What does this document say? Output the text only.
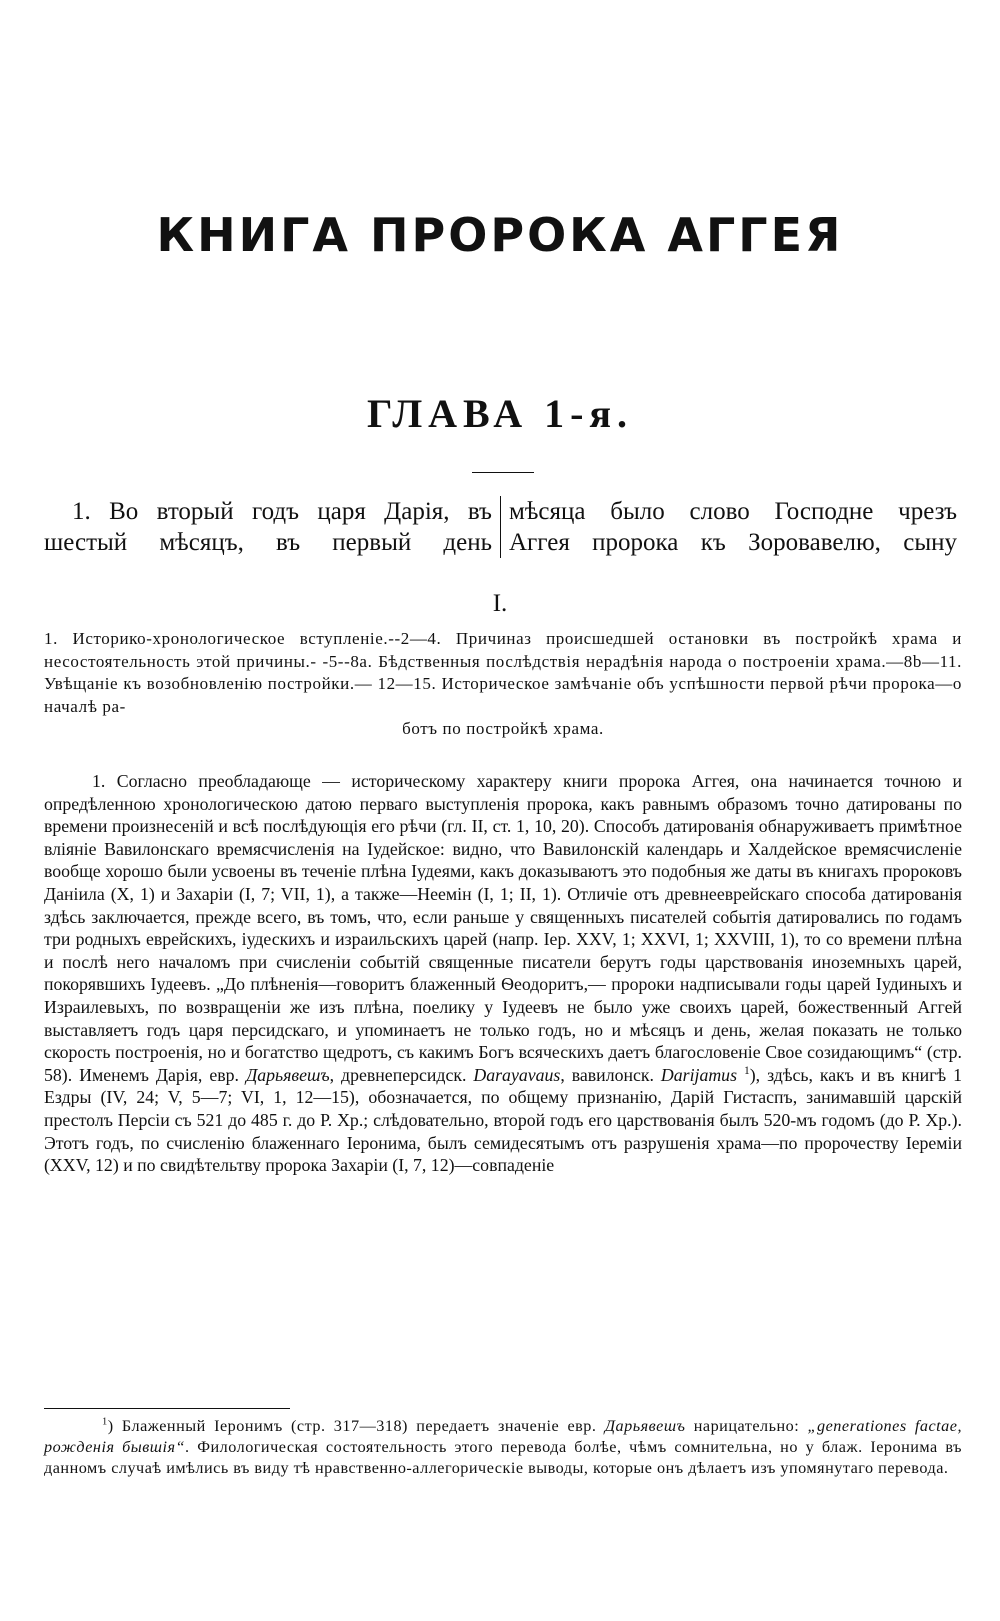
КНИГА ПРОРОКА АГГЕЯ
ГЛАВА 1-я.

1. Во вторый годъ царя Дарія, въ

шестый мѣсяцъ, въ первый день

мѣсяца было слово Господне чрезъ

Аггея пророка къ Зоровавелю, сыну

I.

1. Историко-хронологическое вступленіе.--2—4. Причиназ происшедшей остановки въ постройкѣ храма и несостоятельность этой причины.- -5--8а. Бѣдственныя послѣдствія нерадѣнія народа о построеніи храма.—8b—11. Увѣщаніе къ возобновленію постройки.— 12—15. Историческое замѣчаніе объ успѣшности первой рѣчи пророка—о началѣ ра-
ботъ по постройкѣ храма.

1. Согласно преобладающе — историческому характеру книги пророка Аггея, она начинается точною и опредѣленною хронологическою датою перваго выступленія пророка, какъ равнымъ образомъ точно датированы по времени произнесеній и всѣ послѣдующія его рѣчи (гл. II, ст. 1, 10, 20). Способъ датированія обнаруживаетъ примѣтное вліяніе Вавилонскаго времясчисленія на Іудейское: видно, что Вавилонскій календарь и Халдейское времясчисленіе вообще хорошо были усвоены въ теченіе плѣна Іудеями, какъ доказываютъ это подобныя же даты въ книгахъ пророковъ Даніила (X, 1) и Захаріи (I, 7; VII, 1), а также—Неемін (I, 1; II, 1). Отличіе отъ древнееврейскаго способа датированія здѣсь заключается, прежде всего, въ томъ, что, если раньше у священныхъ писателей событія датировались по годамъ три родныхъ еврейскихъ, іудескихъ и израильскихъ царей (напр. Іер. XXV, 1; XXVI, 1; XXVIII, 1), то со времени плѣна и послѣ него началомъ при счисленіи событій священные писатели берутъ годы царствованія иноземныхъ царей, покорявшихъ Іудеевъ. „До плѣненія—говоритъ блаженный Ѳеодоритъ,— пророки надписывали годы царей Іудиныхъ и Израилевыхъ, по возвращеніи же изъ плѣна, поелику у Іудеевъ не было уже своихъ царей, божественный Аггей выставляетъ годъ царя персидскаго, и упоминаетъ не только годъ, но и мѣсяцъ и день, желая показать не только скорость построенія, но и богатство щедротъ, съ какимъ Богъ всяческихъ даетъ благословеніе Свое созидающимъ“ (стр. 58). Именемъ Дарія, евр. Дарьявешъ, древнеперсидск. Darayavaus, вавилонск. Darijamus $^1$), здѣсь, какъ и въ книгѣ 1 Ездры (IV, 24; V, 5—7; VI, 1, 12—15), обозначается, по общему признанію, Дарій Гистаспъ, занимавшій царскій престолъ Персіи съ 521 до 485 г. до Р. Хр.; слѣдовательно, второй годъ его царствованія былъ 520-мъ годомъ (до Р. Хр.). Этотъ годъ, по счисленію блаженнаго Іеронима, былъ семидесятымъ отъ разрушенія храма—по пророчеству Іереміи (XXV, 12) и по свидѣтельтву пророка Захаріи (I, 7, 12)—совпаденіе

$^1$) Блаженный Іеронимъ (стр. 317—318) передаетъ значеніе евр. Дарьявешъ нарицательно: „generationes factae, рожденія бывшія“. Филологическая состоятельность этого перевода болѣе, чѣмъ сомнительна, но у блаж. Іеронима въ данномъ случаѣ имѣлись въ виду тѣ нравственно-аллегорическіе выводы, которые онъ дѣлаетъ изъ упомянутаго перевода.
